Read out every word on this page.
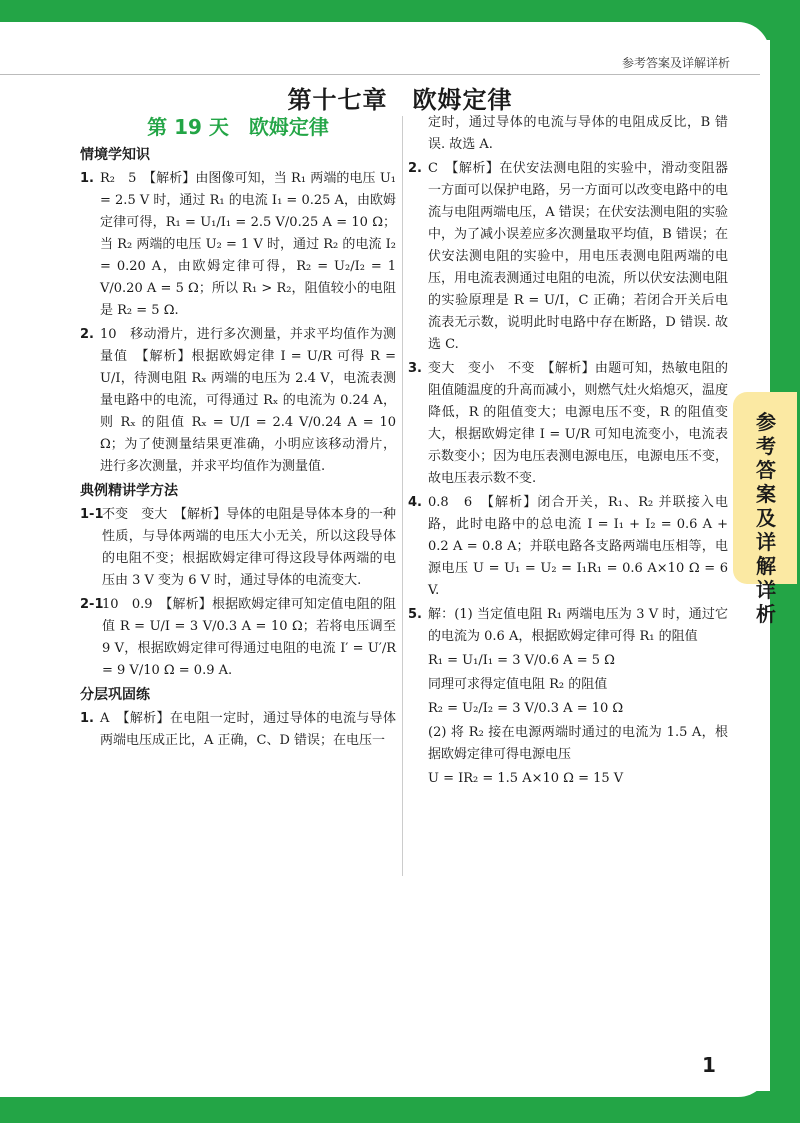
参考答案及详解详析
参考答案及详解详析
第十七章　欧姆定律
第 19 天　欧姆定律
情境学知识
1. R₂　5　【解析】由图像可知，当 R₁ 两端的电压 U₁ = 2.5 V 时，通过 R₁ 的电流 I₁ = 0.25 A，由欧姆定律可得，R₁ = U₁/I₁ = 2.5 V/0.25 A = 10 Ω；当 R₂ 两端的电压 U₂ = 1 V 时，通过 R₂ 的电流 I₂ = 0.20 A，由欧姆定律可得，R₂ = U₂/I₂ = 1 V/0.20 A = 5 Ω；所以 R₁ > R₂，阻值较小的电阻是 R₂ = 5 Ω.
2. 10　移动滑片，进行多次测量，并求平均值作为测量值　【解析】根据欧姆定律 I = U/R 可得 R = U/I，待测电阻 Rₓ 两端的电压为 2.4 V，电流表测量电路中的电流，可得通过 Rₓ 的电流为 0.24 A，则 Rₓ 的阻值 Rₓ = U/I = 2.4 V/0.24 A = 10 Ω；为了使测量结果更准确，小明应该移动滑片，进行多次测量，并求平均值作为测量值.
典例精讲学方法
1-1
不变　变大　【解析】导体的电阻是导体本身的一种性质，与导体两端的电压大小无关，所以这段导体的电阻不变；根据欧姆定律可得这段导体两端的电压由 3 V 变为 6 V 时，通过导体的电流变大.
2-1
10　0.9　【解析】根据欧姆定律可知定值电阻的阻值 R = U/I = 3 V/0.3 A = 10 Ω；若将电压调至 9 V，根据欧姆定律可得通过电阻的电流 I′ = U′/R = 9 V/10 Ω = 0.9 A.
分层巩固练
1. A　【解析】在电阻一定时，通过导体的电流与导体两端电压成正比，A 正确，C、D 错误；在电压一
定时，通过导体的电流与导体的电阻成反比，B 错误. 故选 A.
2. C　【解析】在伏安法测电阻的实验中，滑动变阻器一方面可以保护电路，另一方面可以改变电路中的电流与电阻两端电压，A 错误；在伏安法测电阻的实验中，为了减小误差应多次测量取平均值，B 错误；在伏安法测电阻的实验中，用电压表测电阻两端的电压，用电流表测通过电阻的电流，所以伏安法测电阻的实验原理是 R = U/I，C 正确；若闭合开关后电流表无示数，说明此时电路中存在断路，D 错误. 故选 C.
3. 变大　变小　不变　【解析】由题可知，热敏电阻的阻值随温度的升高而减小，则燃气灶火焰熄灭，温度降低，R 的阻值变大；电源电压不变，R 的阻值变大，根据欧姆定律 I = U/R 可知电流变小，电流表示数变小；因为电压表测电源电压，电源电压不变，故电压表示数不变.
4. 0.8　6　【解析】闭合开关，R₁、R₂ 并联接入电路，此时电路中的总电流 I = I₁ + I₂ = 0.6 A + 0.2 A = 0.8 A；并联电路各支路两端电压相等，电源电压 U = U₁ = U₂ = I₁R₁ = 0.6 A×10 Ω = 6 V.
5. 解：(1) 当定值电阻 R₁ 两端电压为 3 V 时，通过它的电流为 0.6 A，根据欧姆定律可得 R₁ 的阻值
R₁ = U₁/I₁ = 3 V/0.6 A = 5 Ω
同理可求得定值电阻 R₂ 的阻值
R₂ = U₂/I₂ = 3 V/0.3 A = 10 Ω
(2) 将 R₂ 接在电源两端时通过的电流为 1.5 A，根据欧姆定律可得电源电压
U = IR₂ = 1.5 A×10 Ω = 15 V
1
